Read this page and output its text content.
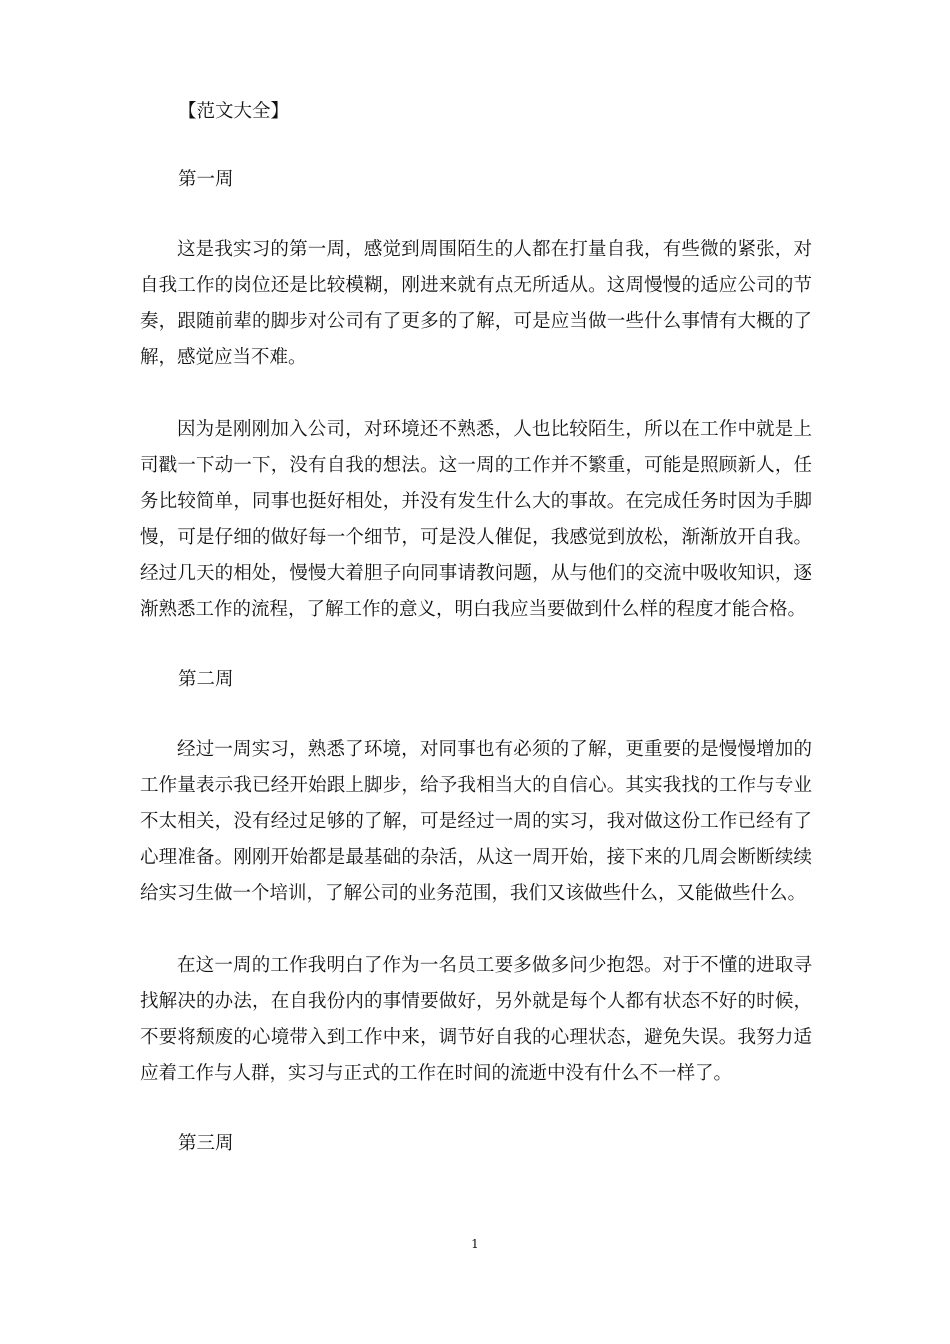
【范文大全】

第一周

这是我实习的第一周，感觉到周围陌生的人都在打量自我，有些微的紧张，对自我工作的岗位还是比较模糊，刚进来就有点无所适从。这周慢慢的适应公司的节奏，跟随前辈的脚步对公司有了更多的了解，可是应当做一些什么事情有大概的了解，感觉应当不难。

因为是刚刚加入公司，对环境还不熟悉，人也比较陌生，所以在工作中就是上司戳一下动一下，没有自我的想法。这一周的工作并不繁重，可能是照顾新人，任务比较简单，同事也挺好相处，并没有发生什么大的事故。在完成任务时因为手脚慢，可是仔细的做好每一个细节，可是没人催促，我感觉到放松，渐渐放开自我。经过几天的相处，慢慢大着胆子向同事请教问题，从与他们的交流中吸收知识，逐渐熟悉工作的流程，了解工作的意义，明白我应当要做到什么样的程度才能合格。

第二周

经过一周实习，熟悉了环境，对同事也有必须的了解，更重要的是慢慢增加的工作量表示我已经开始跟上脚步，给予我相当大的自信心。其实我找的工作与专业不太相关，没有经过足够的了解，可是经过一周的实习，我对做这份工作已经有了心理准备。刚刚开始都是最基础的杂活，从这一周开始，接下来的几周会断断续续给实习生做一个培训，了解公司的业务范围，我们又该做些什么，又能做些什么。

在这一周的工作我明白了作为一名员工要多做多问少抱怨。对于不懂的进取寻找解决的办法，在自我份内的事情要做好，另外就是每个人都有状态不好的时候，不要将颓废的心境带入到工作中来，调节好自我的心理状态，避免失误。我努力适应着工作与人群，实习与正式的工作在时间的流逝中没有什么不一样了。

第三周

1
